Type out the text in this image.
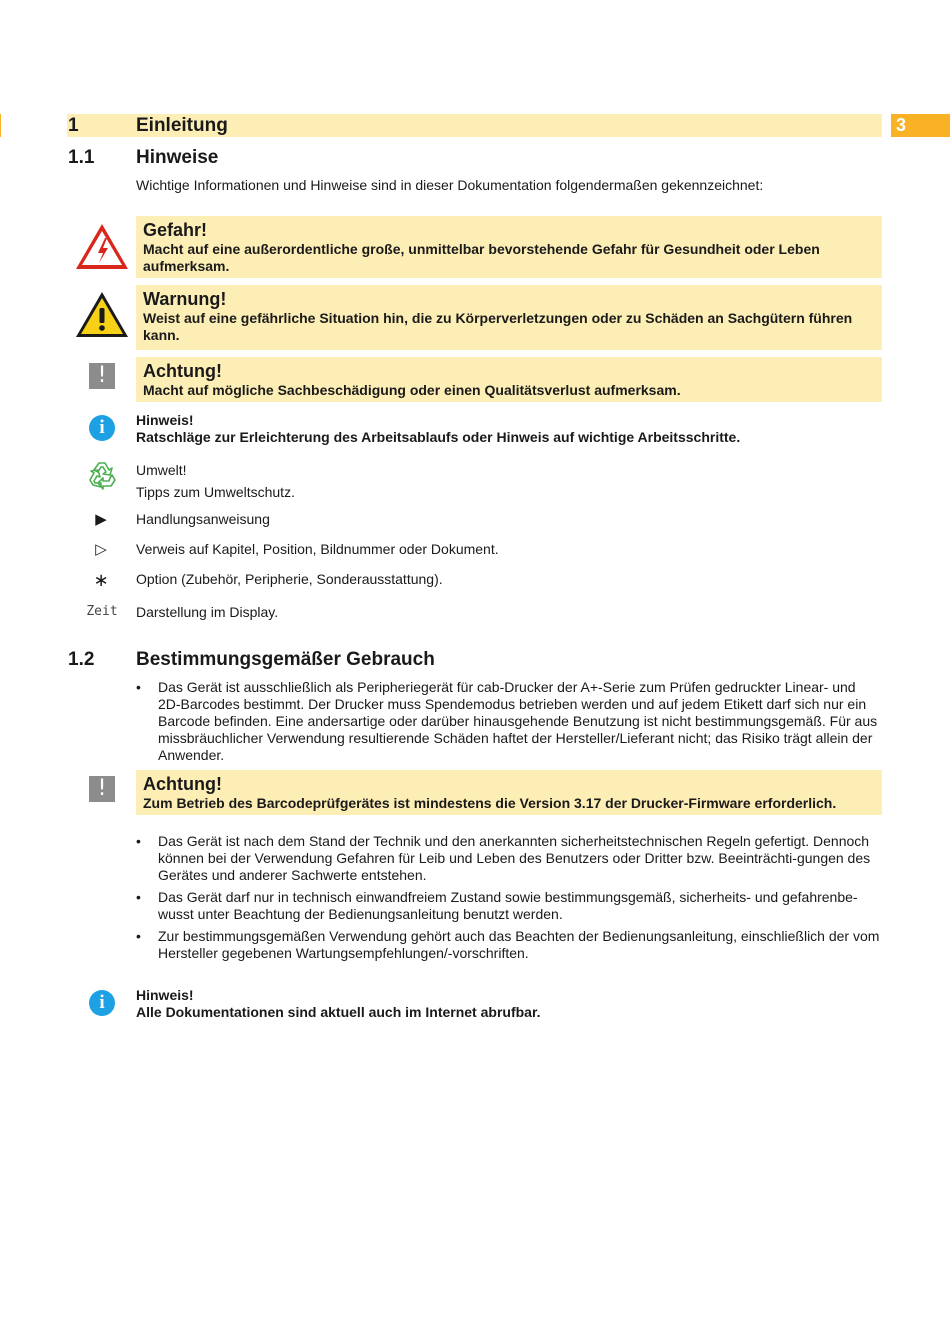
1	Einleitung	3
1.1 Hinweise
Wichtige Informationen und Hinweise sind in dieser Dokumentation folgendermaßen gekennzeichnet:
Gefahr!
Macht auf eine außerordentliche große, unmittelbar bevorstehende Gefahr für Gesundheit oder Leben aufmerksam.
Warnung!
Weist auf eine gefährliche Situation hin, die zu Körperverletzungen oder zu Schäden an Sachgütern führen kann.
!	Achtung!
Macht auf mögliche Sachbeschädigung oder einen Qualitätsverlust aufmerksam.
i	Hinweis!
Ratschläge zur Erleichterung des Arbeitsablaufs oder Hinweis auf wichtige Arbeitsschritte.
Umwelt!
Tipps zum Umweltschutz.
▶	Handlungsanweisung
▷	Verweis auf Kapitel, Position, Bildnummer oder Dokument.
∗	Option (Zubehör, Peripherie, Sonderausstattung).
Zeit	Darstellung im Display.
1.2 Bestimmungsgemäßer Gebrauch
• Das Gerät ist ausschließlich als Peripheriegerät für cab-Drucker der A+-Serie zum Prüfen gedruckter Linear- und 2D-Barcodes bestimmt. Der Drucker muss Spendemodus betrieben werden und auf jedem Etikett darf sich nur ein Barcode befinden. Eine andersartige oder darüber hinausgehende Benutzung ist nicht bestimmungsgemäß. Für aus missbräuchlicher Verwendung resultierende Schäden haftet der Hersteller/Lieferant nicht; das Risiko trägt allein der Anwender.
!	Achtung!
Zum Betrieb des Barcodeprüfgerätes ist mindestens die Version 3.17 der Drucker-Firmware erforderlich.
• Das Gerät ist nach dem Stand der Technik und den anerkannten sicherheitstechnischen Regeln gefertigt. Dennoch können bei der Verwendung Gefahren für Leib und Leben des Benutzers oder Dritter bzw. Beeinträchti-gungen des Gerätes und anderer Sachwerte entstehen.
• Das Gerät darf nur in technisch einwandfreiem Zustand sowie bestimmungsgemäß, sicherheits- und gefahrenbe-wusst unter Beachtung der Bedienungsanleitung benutzt werden.
• Zur bestimmungsgemäßen Verwendung gehört auch das Beachten der Bedienungsanleitung, einschließlich der vom Hersteller gegebenen Wartungsempfehlungen/-vorschriften.
i	Hinweis!
Alle Dokumentationen sind aktuell auch im Internet abrufbar.
